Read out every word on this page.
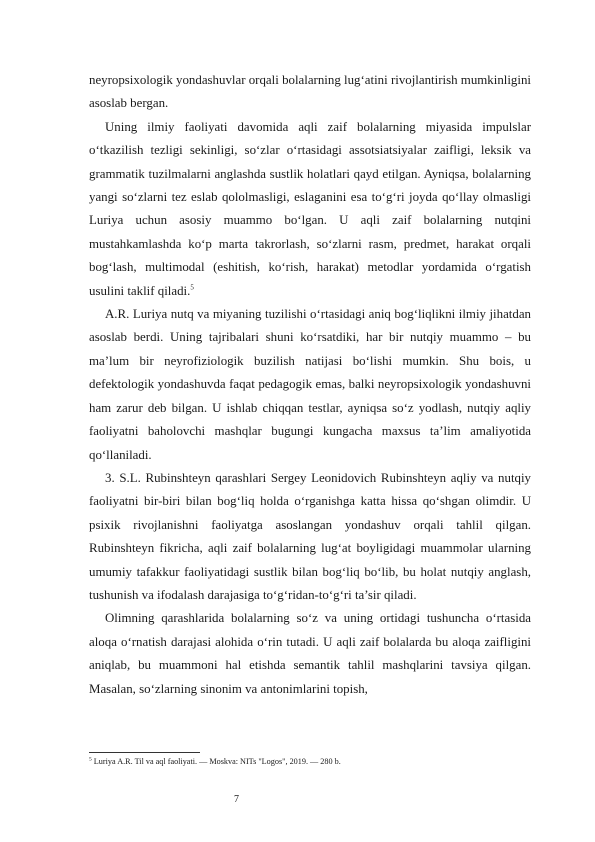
neyropsixologik yondashuvlar orqali bolalarning lug‘atini rivojlantirish mumkinligini asoslab bergan.

Uning ilmiy faoliyati davomida aqli zaif bolalarning miyasida impulslar o‘tkazilish tezligi sekinligi, so‘zlar o‘rtasidagi assotsiatsiyalar zaifligi, leksik va grammatik tuzilmalarni anglashda sustlik holatlari qayd etilgan. Ayniqsa, bolalarning yangi so‘zlarni tez eslab qololmasligi, eslaganini esa to‘g‘ri joyda qo‘llay olmasligi Luriya uchun asosiy muammo bo‘lgan. U aqli zaif bolalarning nutqini mustahkamlashda ko‘p marta takrorlash, so‘zlarni rasm, predmet, harakat orqali bog‘lash, multimodal (eshitish, ko‘rish, harakat) metodlar yordamida o‘rgatish usulini taklif qiladi.$^5$

A.R. Luriya nutq va miyaning tuzilishi o‘rtasidagi aniq bog‘liqlikni ilmiy jihatdan asoslab berdi. Uning tajribalari shuni ko‘rsatdiki, har bir nutqiy muammo – bu ma’lum bir neyrofiziologik buzilish natijasi bo‘lishi mumkin. Shu bois, u defektologik yondashuvda faqat pedagogik emas, balki neyropsixologik yondashuvni ham zarur deb bilgan. U ishlab chiqqan testlar, ayniqsa so‘z yodlash, nutqiy aqliy faoliyatni baholovchi mashqlar bugungi kungacha maxsus ta’lim amaliyotida qo‘llaniladi.

3. S.L. Rubinshteyn qarashlari Sergey Leonidovich Rubinshteyn aqliy va nutqiy faoliyatni bir-biri bilan bog‘liq holda o‘rganishga katta hissa qo‘shgan olimdir. U psixik rivojlanishni faoliyatga asoslangan yondashuv orqali tahlil qilgan. Rubinshteyn fikricha, aqli zaif bolalarning lug‘at boyligidagi muammolar ularning umumiy tafakkur faoliyatidagi sustlik bilan bog‘liq bo‘lib, bu holat nutqiy anglash, tushunish va ifodalash darajasiga to‘g‘ridan-to‘g‘ri ta’sir qiladi.

Olimning qarashlarida bolalarning so‘z va uning ortidagi tushuncha o‘rtasida aloqa o‘rnatish darajasi alohida o‘rin tutadi. U aqli zaif bolalarda bu aloqa zaifligini aniqlab, bu muammoni hal etishda semantik tahlil mashqlarini tavsiya qilgan. Masalan, so‘zlarning sinonim va antonimlarini topish,

$^5$ Luriya A.R. Til va aql faoliyati. — Moskva: NITs "Logos", 2019. — 280 b.
7
